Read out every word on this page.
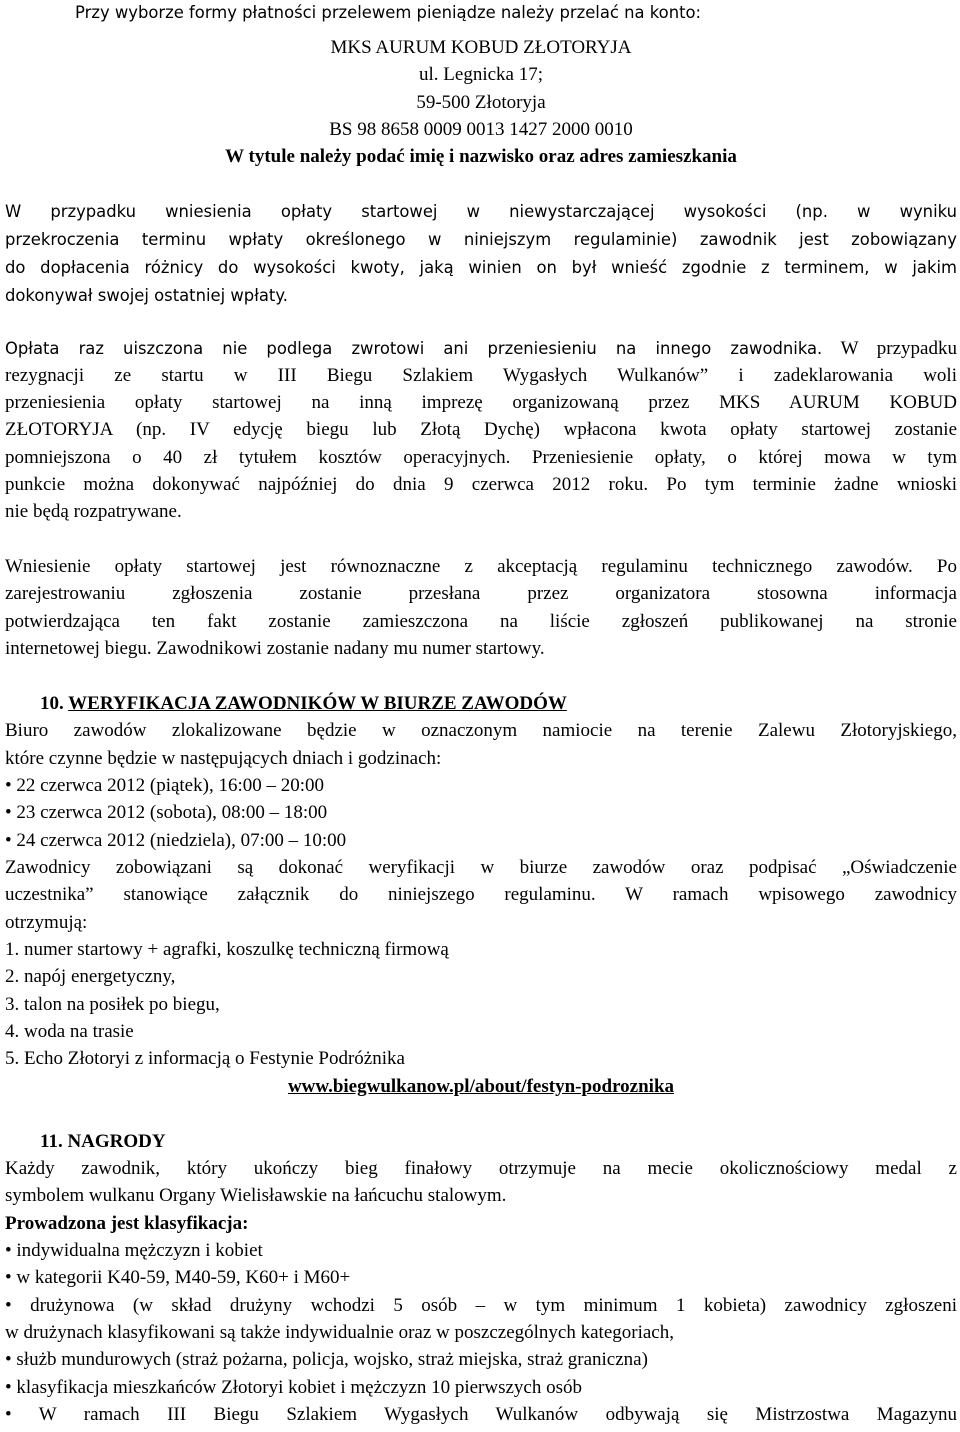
Przy wyborze formy płatności przelewem pieniądze należy przelać na konto:
MKS AURUM KOBUD ZŁOTORYJA
ul. Legnicka 17;
59-500 Złotoryja
BS 98 8658 0009 0013 1427 2000 0010
W tytule należy podać imię i nazwisko oraz adres zamieszkania
W przypadku wniesienia opłaty startowej w niewystarczającej wysokości (np. w wyniku
przekroczenia terminu wpłaty określonego w niniejszym regulaminie) zawodnik jest zobowiązany
do dopłacenia różnicy do wysokości kwoty, jaką winien on był wnieść zgodnie z terminem, w jakim
dokonywał swojej ostatniej wpłaty.
Opłata raz uiszczona nie podlega zwrotowi ani przeniesieniu na innego zawodnika. W przypadku
rezygnacji ze startu w III Biegu Szlakiem Wygasłych Wulkanów” i zadeklarowania woli
przeniesienia opłaty startowej na inną imprezę organizowaną przez MKS AURUM KOBUD
ZŁOTORYJA (np. IV edycję biegu lub Złotą Dychę) wpłacona kwota opłaty startowej zostanie
pomniejszona o 40 zł tytułem kosztów operacyjnych. Przeniesienie opłaty, o której mowa w tym
punkcie można dokonywać najpóźniej do dnia 9 czerwca 2012 roku. Po tym terminie żadne wnioski
nie będą rozpatrywane.
Wniesienie opłaty startowej jest równoznaczne z akceptacją regulaminu technicznego zawodów. Po
zarejestrowaniu zgłoszenia zostanie przesłana przez organizatora stosowna informacja
potwierdzająca ten fakt zostanie zamieszczona na liście zgłoszeń publikowanej na stronie
internetowej biegu. Zawodnikowi zostanie nadany mu numer startowy.
10. WERYFIKACJA ZAWODNIKÓW W BIURZE ZAWODÓW
Biuro zawodów zlokalizowane będzie w oznaczonym namiocie na terenie Zalewu Złotoryjskiego,
które czynne będzie w następujących dniach i godzinach:
• 22 czerwca 2012 (piątek), 16:00 – 20:00
• 23 czerwca 2012 (sobota), 08:00 – 18:00
• 24 czerwca 2012 (niedziela), 07:00 – 10:00
Zawodnicy zobowiązani są dokonać weryfikacji w biurze zawodów oraz podpisać „Oświadczenie
uczestnika” stanowiące załącznik do niniejszego regulaminu. W ramach wpisowego zawodnicy
otrzymują:
1. numer startowy + agrafki, koszulkę techniczną firmową
2. napój energetyczny,
3. talon na posiłek po biegu,
4. woda na trasie
5. Echo Złotoryi z informacją o Festynie Podróżnika
www.biegwulkanow.pl/about/festyn-podroznika
11. NAGRODY
Każdy zawodnik, który ukończy bieg finałowy otrzymuje na mecie okolicznościowy medal z
symbolem wulkanu Organy Wielisławskie na łańcuchu stalowym.
Prowadzona jest klasyfikacja:
• indywidualna mężczyzn i kobiet
• w kategorii K40-59, M40-59, K60+ i M60+
• drużynowa (w skład drużyny wchodzi 5 osób – w tym minimum 1 kobieta) zawodnicy zgłoszeni
w drużynach klasyfikowani są także indywidualnie oraz w poszczególnych kategoriach,
• służb mundurowych (straż pożarna, policja, wojsko, straż miejska, straż graniczna)
• klasyfikacja mieszkańców Złotoryi kobiet i mężczyzn 10 pierwszych osób
• W ramach III Biegu Szlakiem Wygasłych Wulkanów odbywają się Mistrzostwa Magazynu
